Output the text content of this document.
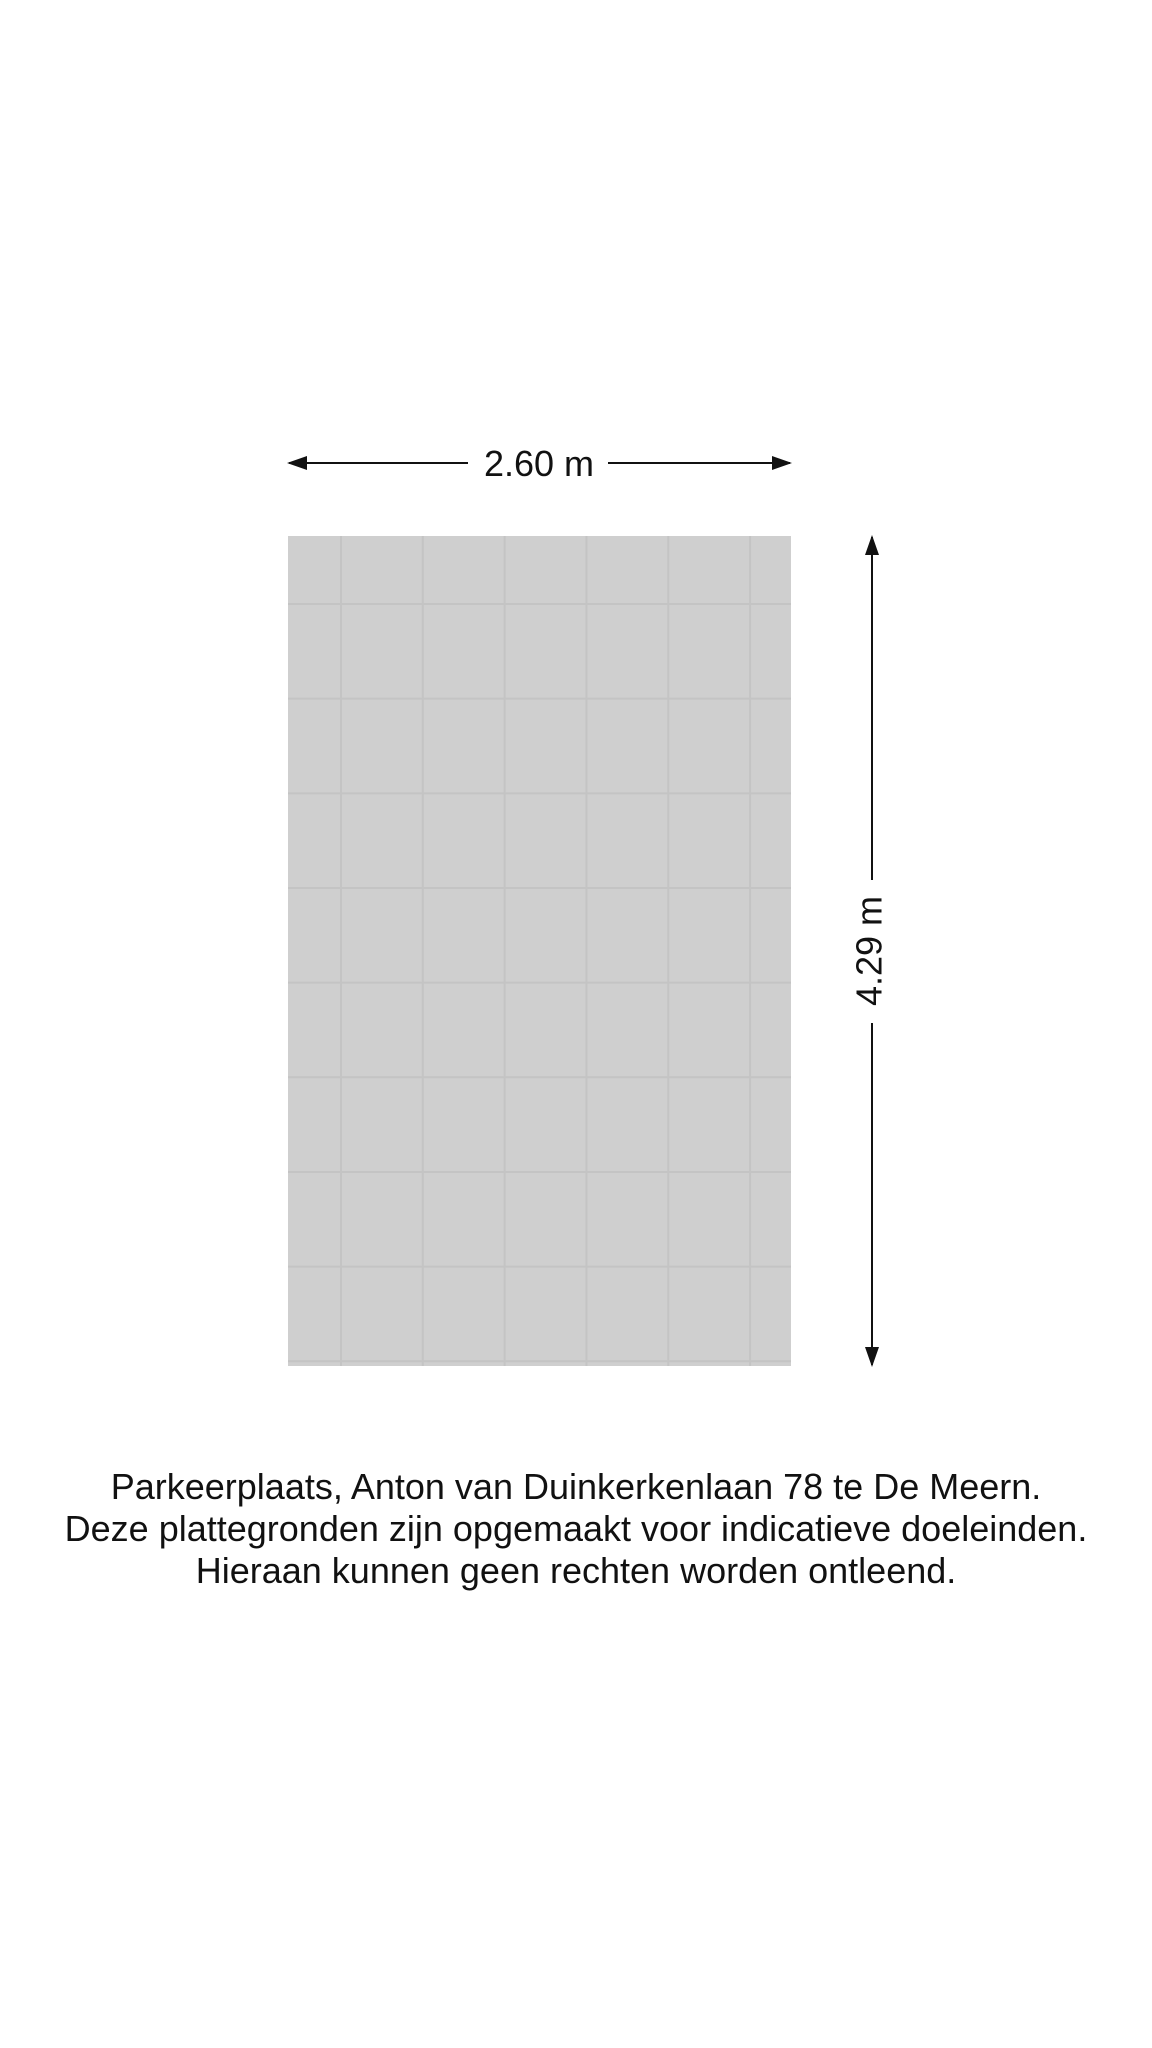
2.60 m
4.29 m
Parkeerplaats, Anton van Duinkerkenlaan 78 te De Meern.
Deze plattegronden zijn opgemaakt voor indicatieve doeleinden.
Hieraan kunnen geen rechten worden ontleend.
